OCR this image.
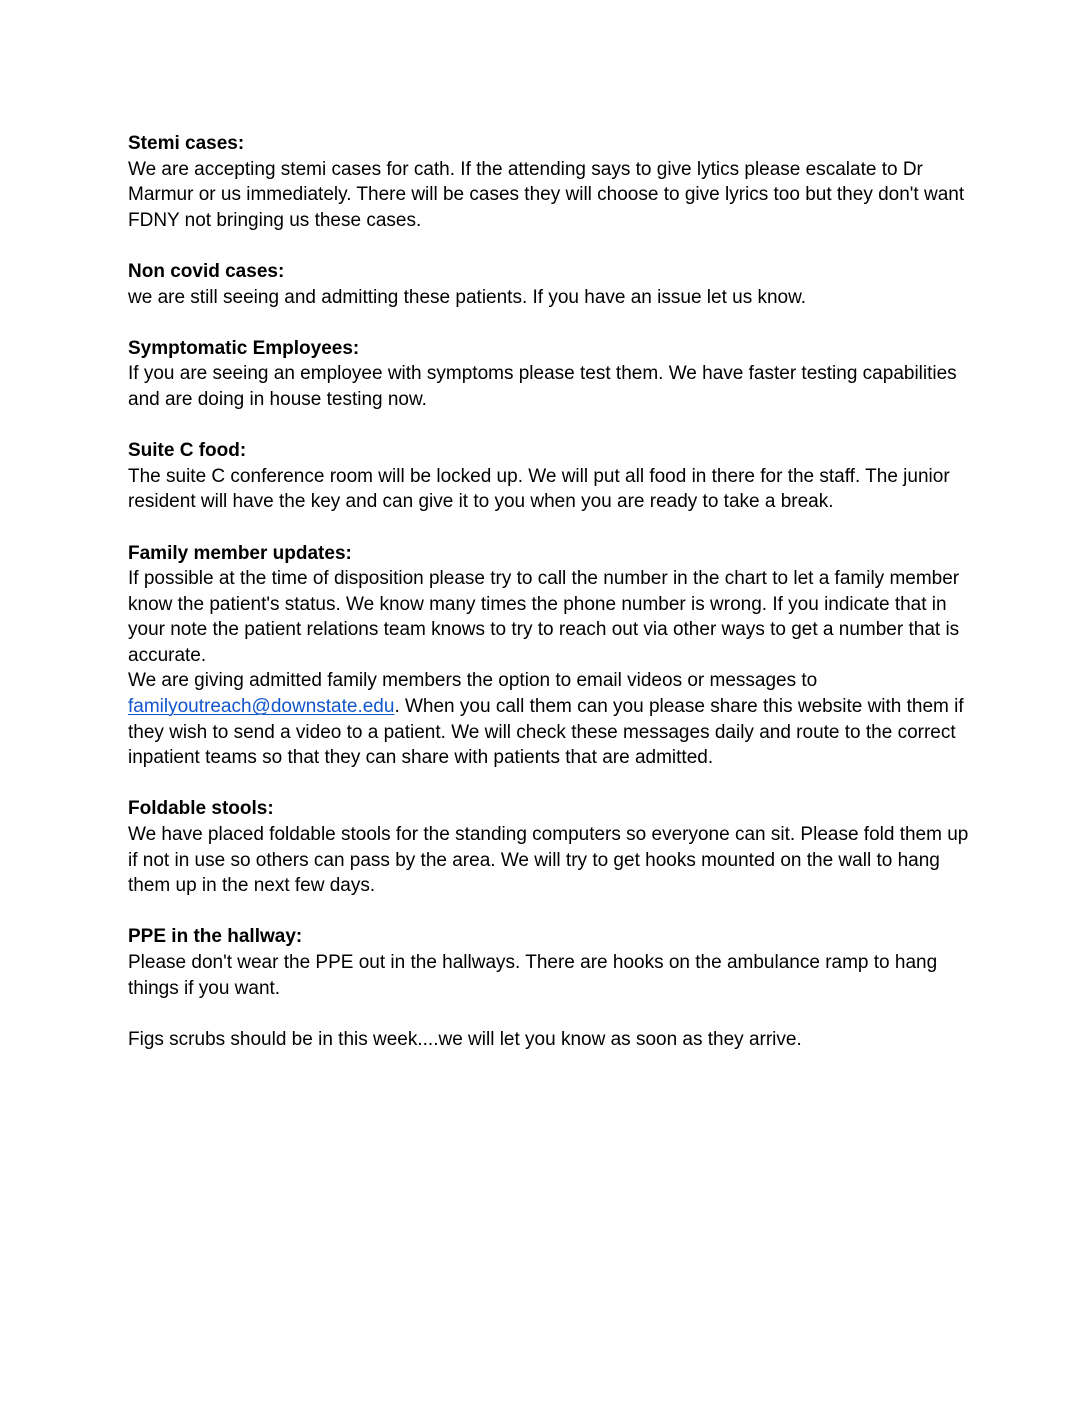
Stemi cases:
We are accepting stemi cases for cath. If the attending says to give lytics please escalate to Dr Marmur or us immediately. There will be cases they will choose to give lyrics too but they don't want FDNY not bringing us these cases.
Non covid cases:
we are still seeing and admitting these patients. If you have an issue let us know.
Symptomatic Employees:
If you are seeing an employee with symptoms please test them. We have faster testing capabilities and are doing in house testing now.
Suite C food:
The suite C conference room will be locked up. We will put all food in there for the staff. The junior resident will have the key and can give it to you when you are ready to take a break.
Family member updates:
If possible at the time of disposition please try to call the number in the chart to let a family member know the patient's status. We know many times the phone number is wrong. If you indicate that in your note the patient relations team knows to try to reach out via other ways to get a number that is accurate.
We are giving admitted family members the option to email videos or messages to familyoutreach@downstate.edu. When you call them can you please share this website with them if they wish to send a video to a patient. We will check these messages daily and route to the correct inpatient teams so that they can share with patients that are admitted.
Foldable stools:
We have placed foldable stools for the standing computers so everyone can sit. Please fold them up if not in use so others can pass by the area. We will try to get hooks mounted on the wall to hang them up in the next few days.
PPE in the hallway:
Please don't wear the PPE out in the hallways. There are hooks on the ambulance ramp to hang things if you want.
Figs scrubs should be in this week....we will let you know as soon as they arrive.
